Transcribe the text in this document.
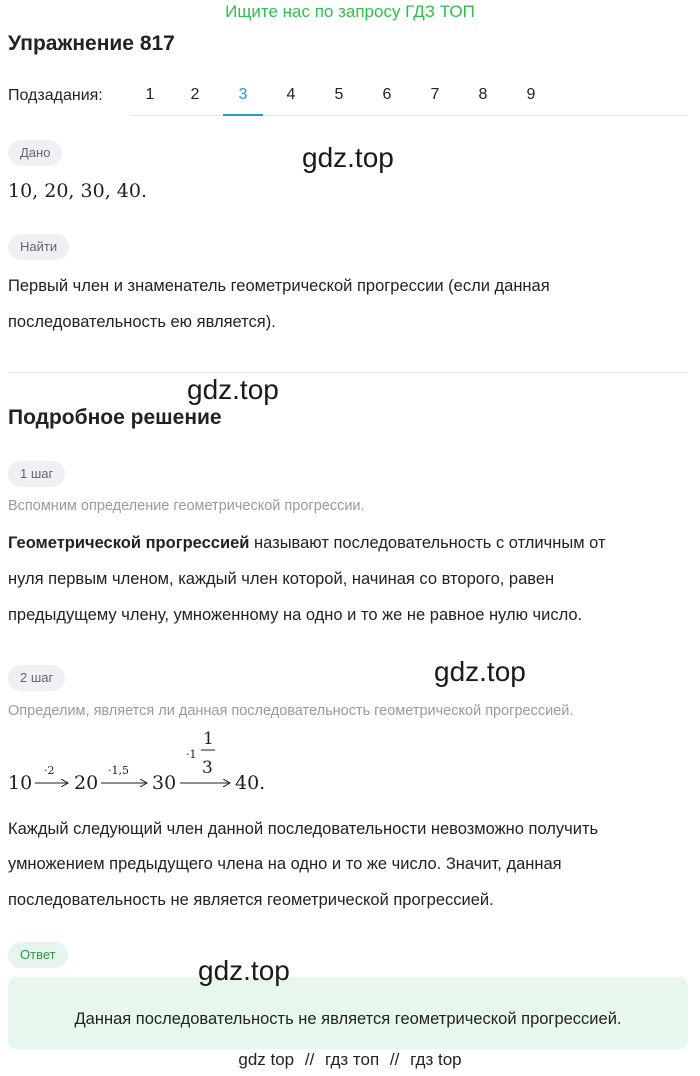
Ищите нас по запросу ГДЗ ТОП
Упражнение 817
Подзадания:	1	2	3	4	5	6	7	8	9
Дано	gdz.top
10, 20, 30, 40.
Найти
Первый член и знаменатель геометрической прогрессии (если данная
последовательность ею является).
gdz.top
Подробное решение
1 шаг
Вспомним определение геометрической прогрессии.
Геометрической прогрессией называют последовательность с отличным от
нуля первым членом, каждый член которой, начиная со второго, равен
предыдущему члену, умноженному на одно и то же не равное нулю число.
2 шаг	gdz.top
Определим, является ли данная последовательность геометрической прогрессией.
10
·2
20
·1,5
30
·1
1
3
40.
Каждый следующий член данной последовательности невозможно получить
умножением предыдущего члена на одно и то же число. Значит, данная
последовательность не является геометрической прогрессией.
Ответ
Данная последовательность не является геометрической прогрессией.
gdz.top
gdz top // гдз топ // гдз top
